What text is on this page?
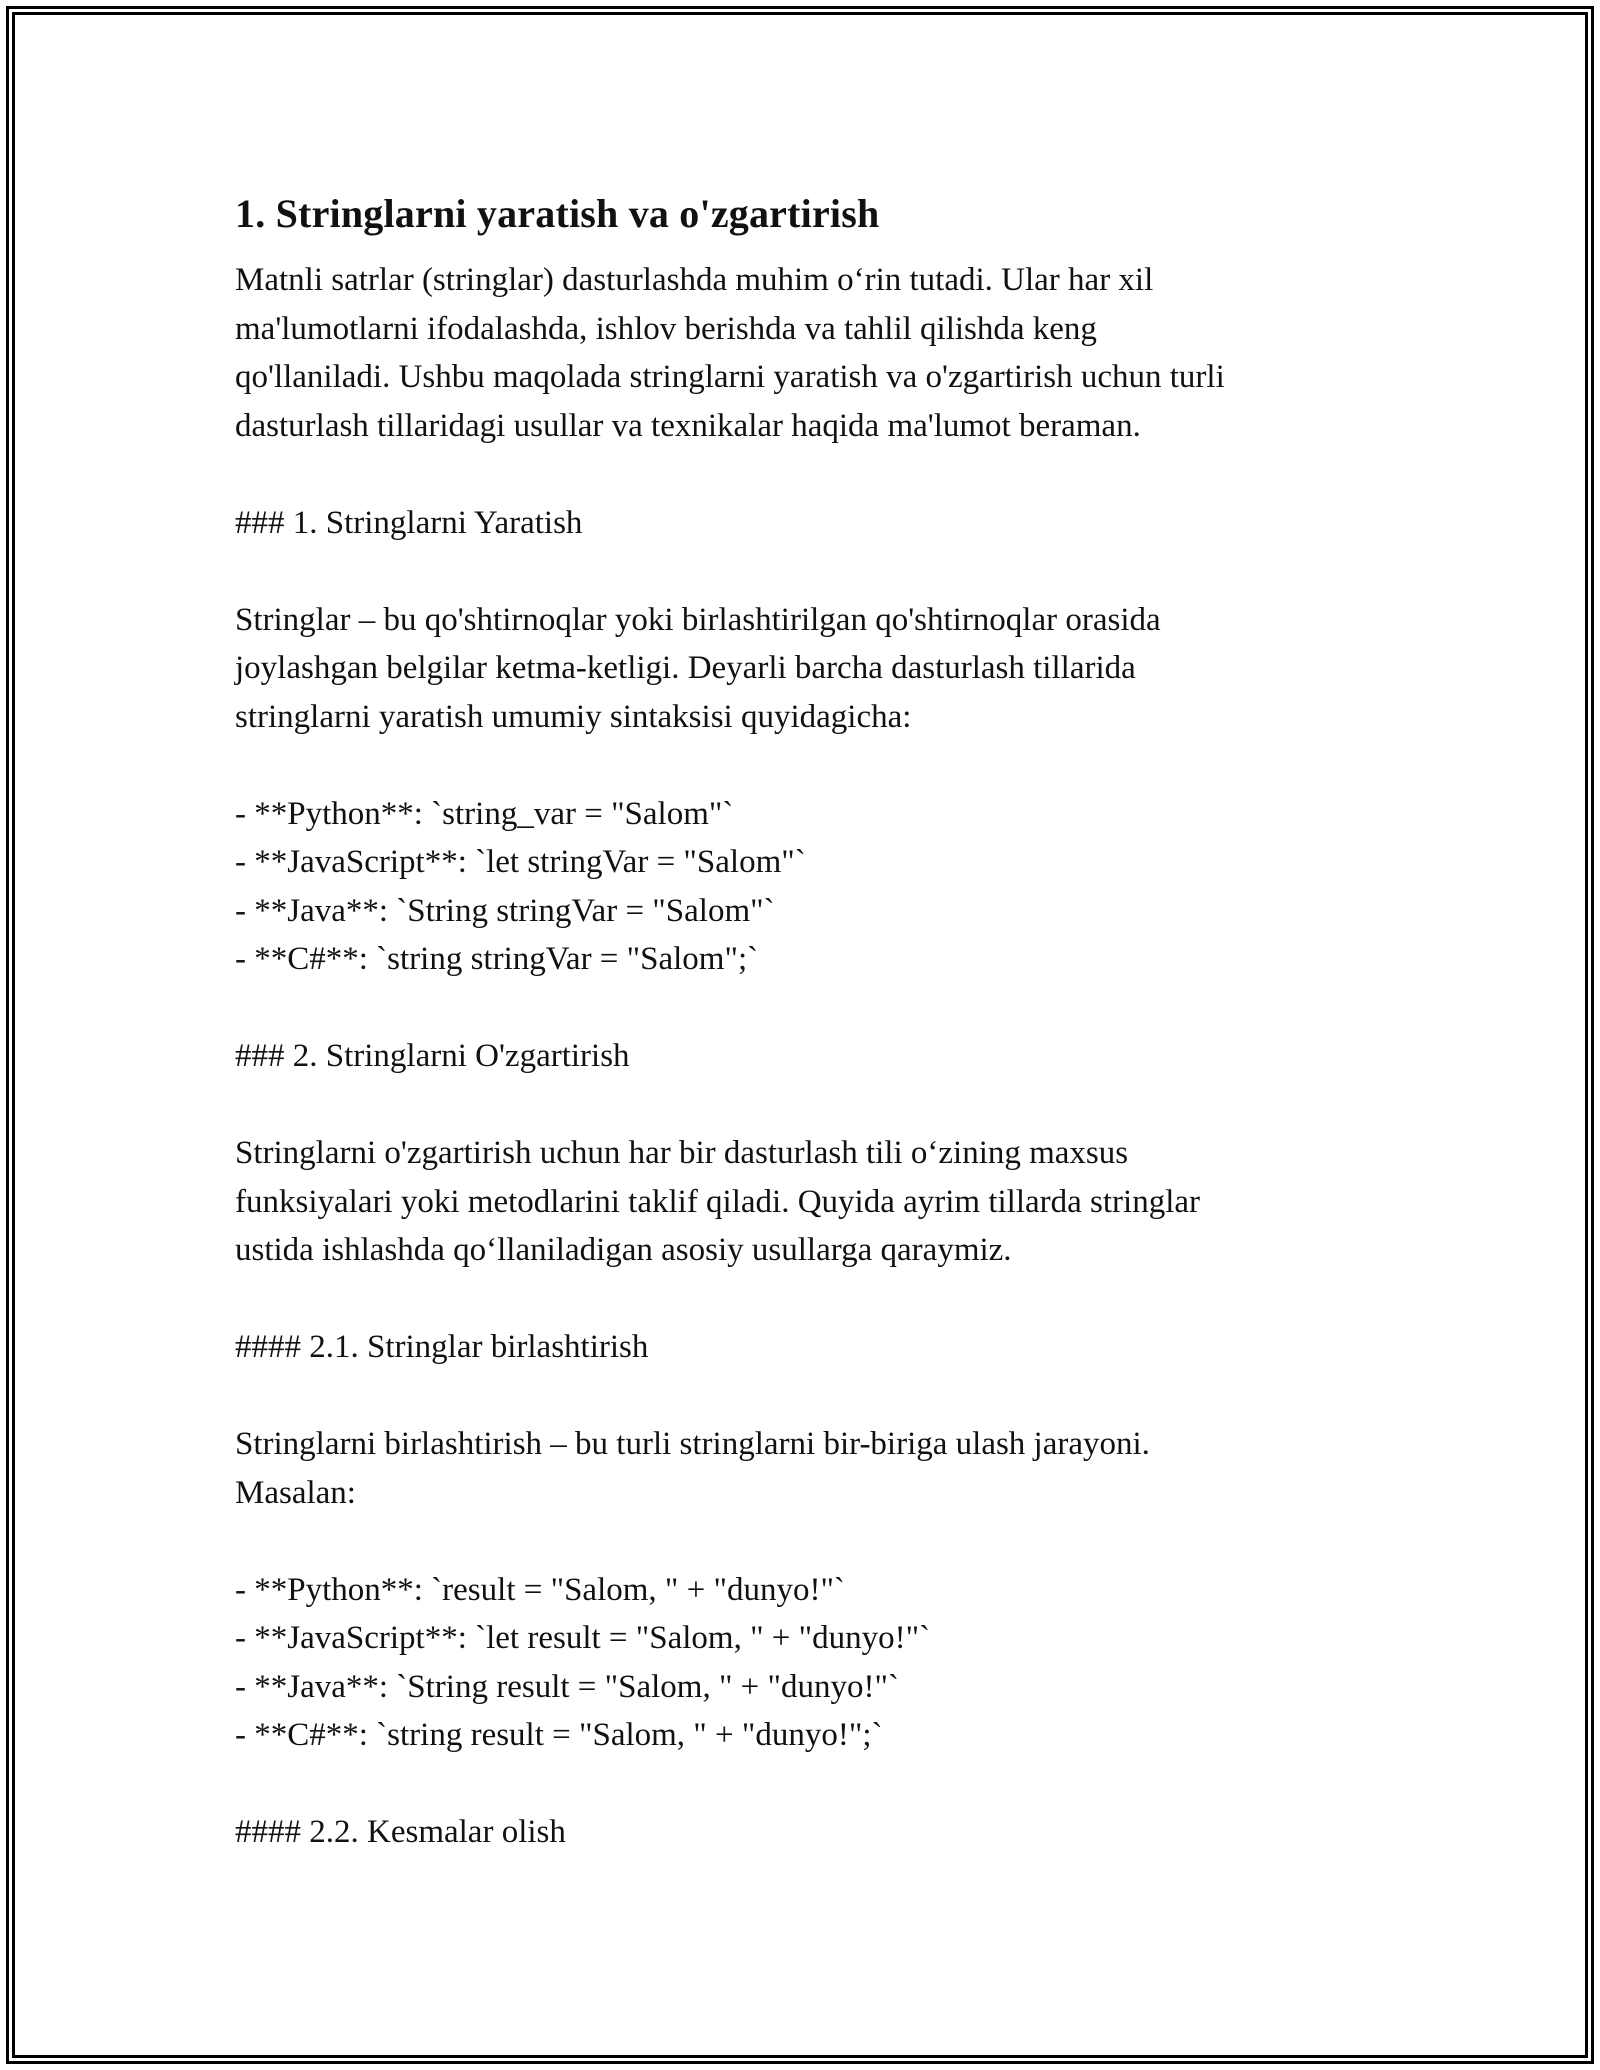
1. Stringlarni yaratish va o'zgartirish

Matnli satrlar (stringlar) dasturlashda muhim o‘rin tutadi. Ular har xil

ma'lumotlarni ifodalashda, ishlov berishda va tahlil qilishda keng

qo'llaniladi. Ushbu maqolada stringlarni yaratish va o'zgartirish uchun turli

dasturlash tillaridagi usullar va texnikalar haqida ma'lumot beraman.

### 1. Stringlarni Yaratish

Stringlar – bu qo'shtirnoqlar yoki birlashtirilgan qo'shtirnoqlar orasida

joylashgan belgilar ketma-ketligi. Deyarli barcha dasturlash tillarida

stringlarni yaratish umumiy sintaksisi quyidagicha:

- **Python**: `string_var = "Salom"`

- **JavaScript**: `let stringVar = "Salom"`

- **Java**: `String stringVar = "Salom"`

- **C#**: `string stringVar = "Salom";`

### 2. Stringlarni O'zgartirish

Stringlarni o'zgartirish uchun har bir dasturlash tili o‘zining maxsus

funksiyalari yoki metodlarini taklif qiladi. Quyida ayrim tillarda stringlar

ustida ishlashda qo‘llaniladigan asosiy usullarga qaraymiz.

#### 2.1. Stringlar birlashtirish

Stringlarni birlashtirish – bu turli stringlarni bir-biriga ulash jarayoni.

Masalan:

- **Python**: `result = "Salom, " + "dunyo!"`

- **JavaScript**: `let result = "Salom, " + "dunyo!"`

- **Java**: `String result = "Salom, " + "dunyo!"`

- **C#**: `string result = "Salom, " + "dunyo!";`

#### 2.2. Kesmalar olish
